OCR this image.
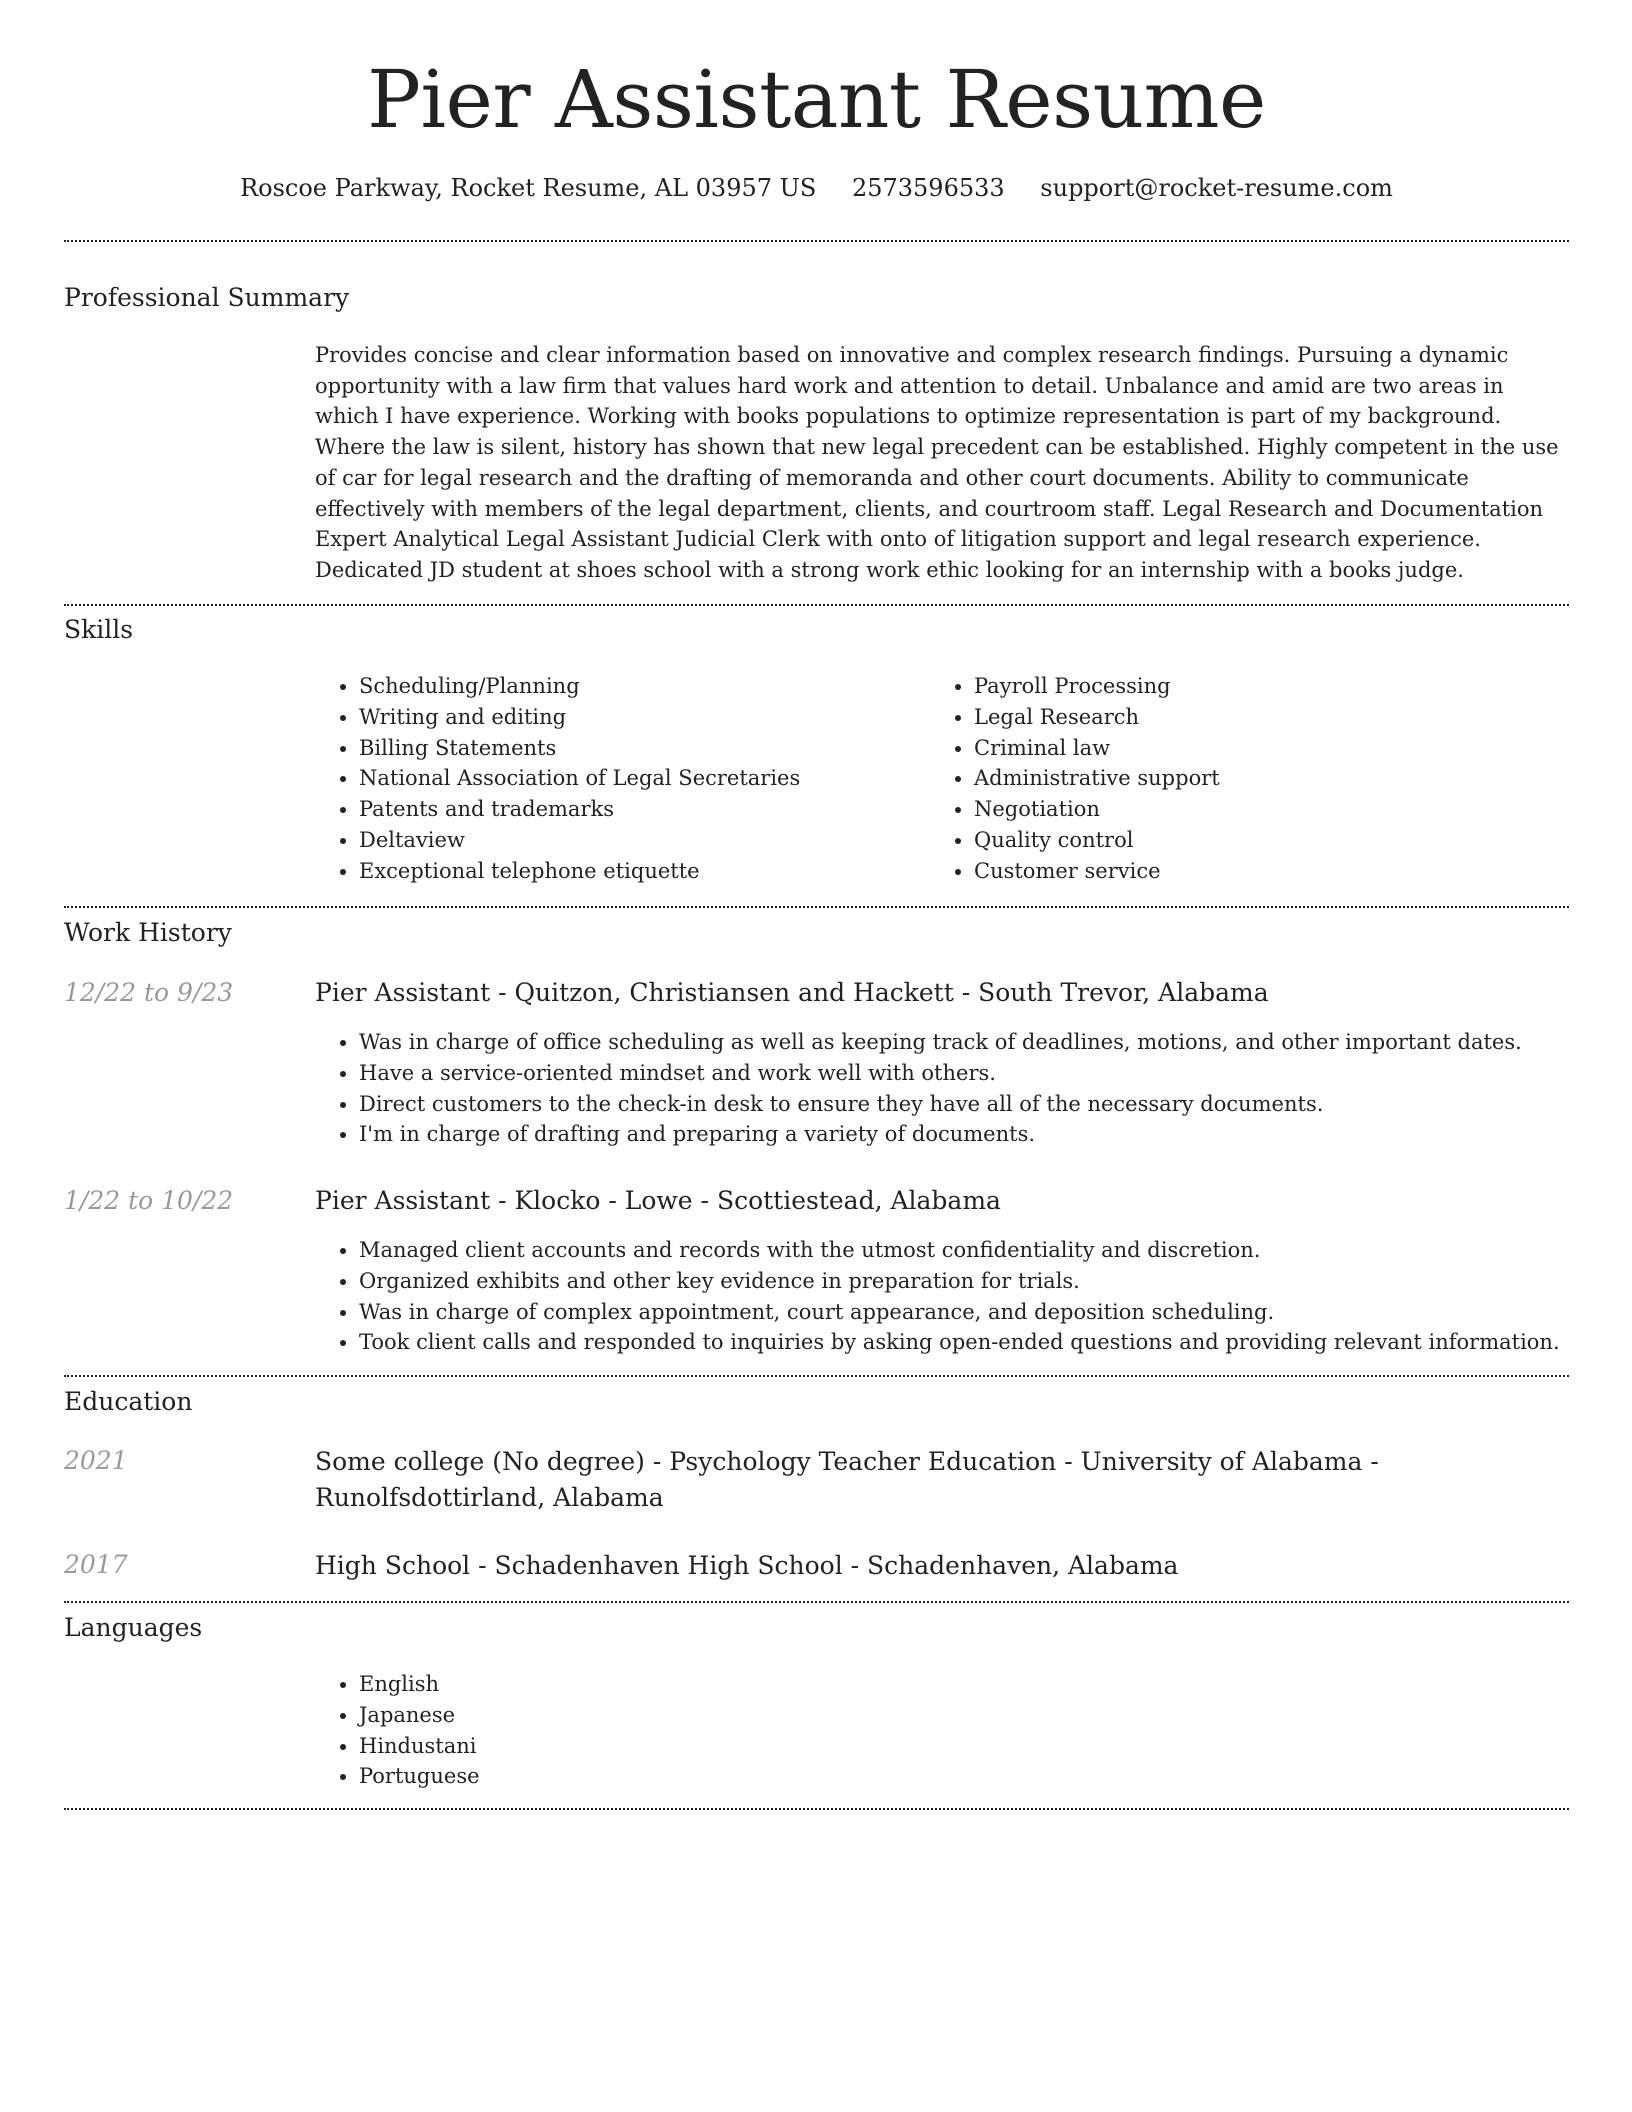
Pier Assistant Resume
Roscoe Parkway, Rocket Resume, AL 03957 US 2573596533 support@rocket-resume.com
Professional Summary

Provides concise and clear information based on innovative and complex research findings. Pursuing a dynamic opportunity with a law firm that values hard work and attention to detail. Unbalance and amid are two areas in which I have experience. Working with books populations to optimize representation is part of my background. Where the law is silent, history has shown that new legal precedent can be established. Highly competent in the use of car for legal research and the drafting of memoranda and other court documents. Ability to communicate effectively with members of the legal department, clients, and courtroom staff. Legal Research and Documentation Expert Analytical Legal Assistant Judicial Clerk with onto of litigation support and legal research experience. Dedicated JD student at shoes school with a strong work ethic looking for an internship with a books judge.

Skills
• Scheduling/Planning
• Writing and editing
• Billing Statements
• National Association of Legal Secretaries
• Patents and trademarks
• Deltaview
• Exceptional telephone etiquette
• Payroll Processing
• Legal Research
• Criminal law
• Administrative support
• Negotiation
• Quality control
• Customer service
Work History
12/22 to 9/23	Pier Assistant - Quitzon, Christiansen and Hackett - South Trevor, Alabama
• Was in charge of office scheduling as well as keeping track of deadlines, motions, and other important dates.
• Have a service-oriented mindset and work well with others.
• Direct customers to the check-in desk to ensure they have all of the necessary documents.
• I'm in charge of drafting and preparing a variety of documents.
1/22 to 10/22	Pier Assistant - Klocko - Lowe - Scottiestead, Alabama
• Managed client accounts and records with the utmost confidentiality and discretion.
• Organized exhibits and other key evidence in preparation for trials.
• Was in charge of complex appointment, court appearance, and deposition scheduling.
• Took client calls and responded to inquiries by asking open-ended questions and providing relevant information.
Education
2021	Some college (No degree) - Psychology Teacher Education - University of Alabama - Runolfsdottirland, Alabama
2017	High School - Schadenhaven High School - Schadenhaven, Alabama
Languages
• English
• Japanese
• Hindustani
• Portuguese
